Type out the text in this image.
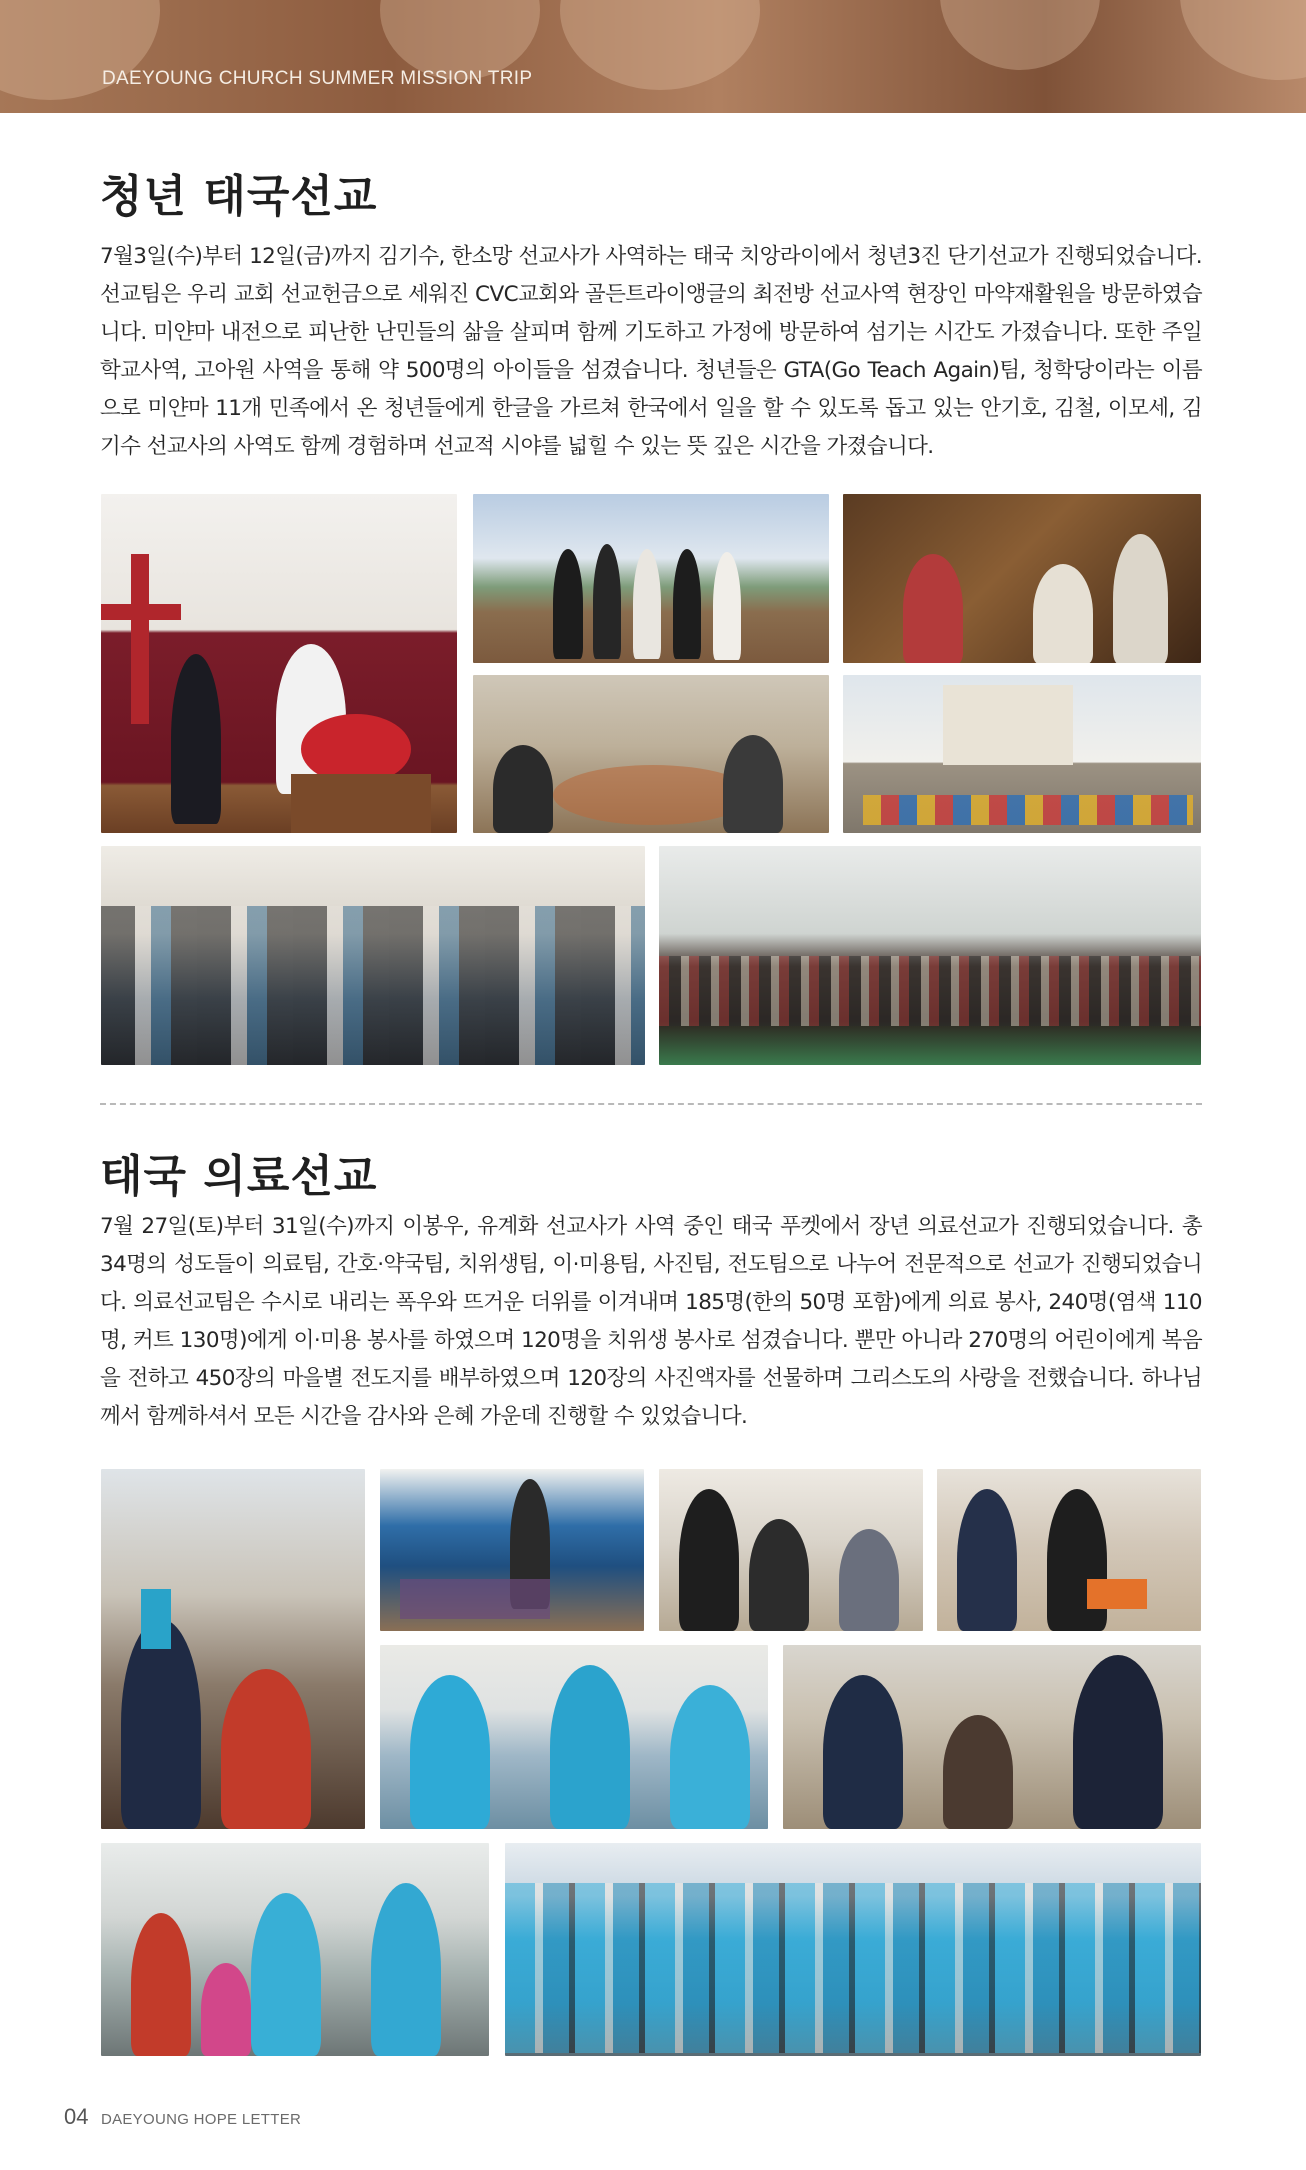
DAEYOUNG CHURCH SUMMER MISSION TRIP
청년 태국선교
7월3일(수)부터 12일(금)까지 김기수, 한소망 선교사가 사역하는 태국 치앙라이에서 청년3진 단기선교가 진행되었습니다. 선교팀은 우리 교회 선교헌금으로 세워진 CVC교회와 골든트라이앵글의 최전방 선교사역 현장인 마약재활원을 방문하였습니다. 미얀마 내전으로 피난한 난민들의 삶을 살피며 함께 기도하고 가정에 방문하여 섬기는 시간도 가졌습니다. 또한 주일학교사역, 고아원 사역을 통해 약 500명의 아이들을 섬겼습니다. 청년들은 GTA(Go Teach Again)팀, 청학당이라는 이름으로 미얀마 11개 민족에서 온 청년들에게 한글을 가르쳐 한국에서 일을 할 수 있도록 돕고 있는 안기호, 김철, 이모세, 김기수 선교사의 사역도 함께 경험하며 선교적 시야를 넓힐 수 있는 뜻 깊은 시간을 가졌습니다.
태국 의료선교
7월 27일(토)부터 31일(수)까지 이봉우, 유계화 선교사가 사역 중인 태국 푸켓에서 장년 의료선교가 진행되었습니다. 총 34명의 성도들이 의료팀, 간호·약국팀, 치위생팀, 이·미용팀, 사진팀, 전도팀으로 나누어 전문적으로 선교가 진행되었습니다. 의료선교팀은 수시로 내리는 폭우와 뜨거운 더위를 이겨내며 185명(한의 50명 포함)에게 의료 봉사, 240명(염색 110명, 커트 130명)에게 이·미용 봉사를 하였으며 120명을 치위생 봉사로 섬겼습니다. 뿐만 아니라 270명의 어린이에게 복음을 전하고 450장의 마을별 전도지를 배부하였으며 120장의 사진액자를 선물하며 그리스도의 사랑을 전했습니다. 하나님께서 함께하셔서 모든 시간을 감사와 은혜 가운데 진행할 수 있었습니다.
04 DAEYOUNG HOPE LETTER
